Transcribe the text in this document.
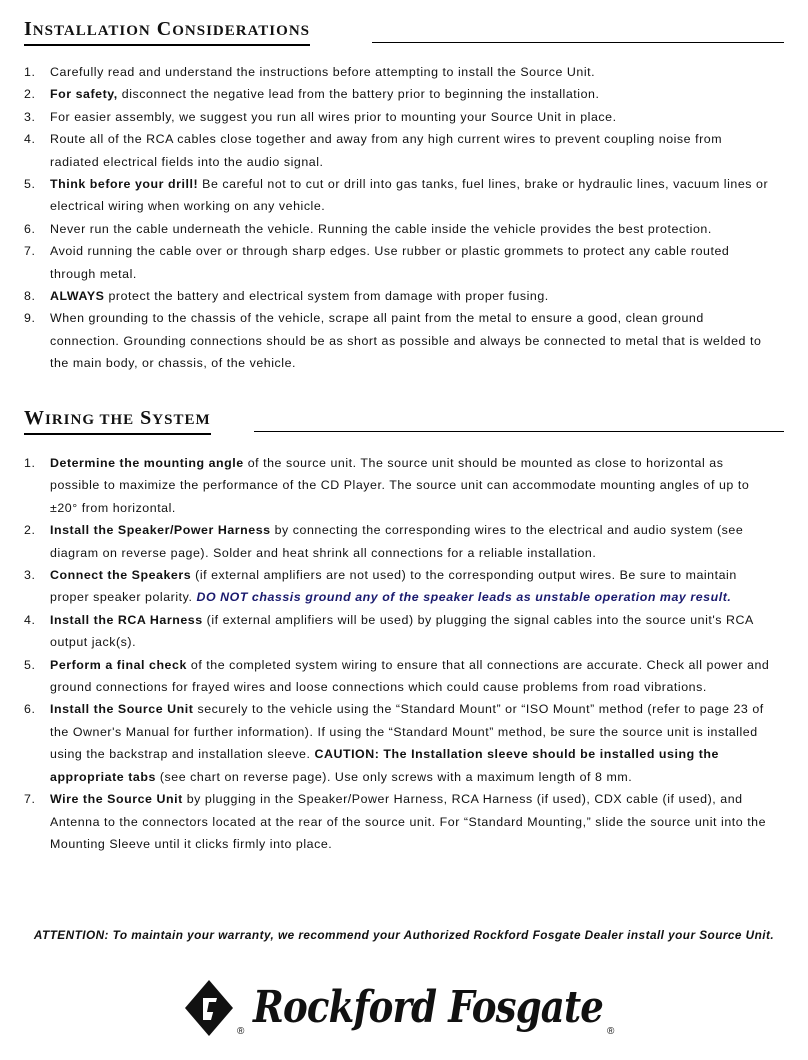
INSTALLATION CONSIDERATIONS
1. Carefully read and understand the instructions before attempting to install the Source Unit.
2. For safety, disconnect the negative lead from the battery prior to beginning the installation.
3. For easier assembly, we suggest you run all wires prior to mounting your Source Unit in place.
4. Route all of the RCA cables close together and away from any high current wires to prevent coupling noise from radiated electrical fields into the audio signal.
5. Think before your drill! Be careful not to cut or drill into gas tanks, fuel lines, brake or hydraulic lines, vacuum lines or electrical wiring when working on any vehicle.
6. Never run the cable underneath the vehicle. Running the cable inside the vehicle provides the best protection.
7. Avoid running the cable over or through sharp edges. Use rubber or plastic grommets to protect any cable routed through metal.
8. ALWAYS protect the battery and electrical system from damage with proper fusing.
9. When grounding to the chassis of the vehicle, scrape all paint from the metal to ensure a good, clean ground connection. Grounding connections should be as short as possible and always be connected to metal that is welded to the main body, or chassis, of the vehicle.
WIRING THE SYSTEM
1. Determine the mounting angle of the source unit. The source unit should be mounted as close to horizontal as possible to maximize the performance of the CD Player. The source unit can accommodate mounting angles of up to ±20° from horizontal.
2. Install the Speaker/Power Harness by connecting the corresponding wires to the electrical and audio system (see diagram on reverse page). Solder and heat shrink all connections for a reliable installation.
3. Connect the Speakers (if external amplifiers are not used) to the corresponding output wires. Be sure to maintain proper speaker polarity. DO NOT chassis ground any of the speaker leads as unstable operation may result.
4. Install the RCA Harness (if external amplifiers will be used) by plugging the signal cables into the source unit's RCA output jack(s).
5. Perform a final check of the completed system wiring to ensure that all connections are accurate. Check all power and ground connections for frayed wires and loose connections which could cause problems from road vibrations.
6. Install the Source Unit securely to the vehicle using the “Standard Mount” or “ISO Mount” method (refer to page 23 of the Owner's Manual for further information). If using the “Standard Mount” method, be sure the source unit is installed using the backstrap and installation sleeve. CAUTION: The Installation sleeve should be installed using the appropriate tabs (see chart on reverse page). Use only screws with a maximum length of 8 mm.
7. Wire the Source Unit by plugging in the Speaker/Power Harness, RCA Harness (if used), CDX cable (if used), and Antenna to the connectors located at the rear of the source unit. For “Standard Mounting,” slide the source unit into the Mounting Sleeve until it clicks firmly into place.
ATTENTION: To maintain your warranty, we recommend your Authorized Rockford Fosgate Dealer install your Source Unit.
® Rockford Fosgate ®
